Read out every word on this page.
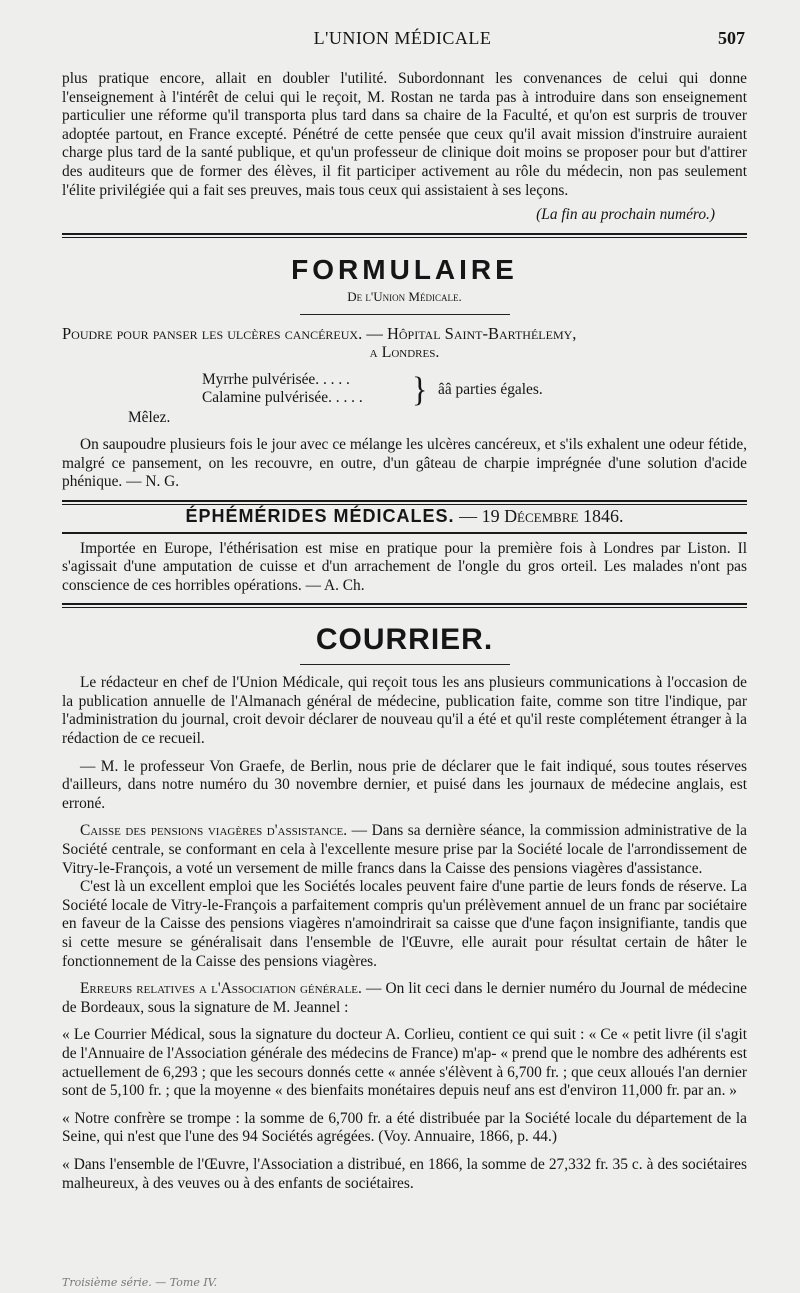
L'UNION MÉDICALE	507

plus pratique encore, allait en doubler l'utilité. Subordonnant les convenances de celui qui donne l'enseignement à l'intérêt de celui qui le reçoit, M. Rostan ne tarda pas à introduire dans son enseignement particulier une réforme qu'il transporta plus tard dans sa chaire de la Faculté, et qu'on est surpris de trouver adoptée partout, en France excepté. Pénétré de cette pensée que ceux qu'il avait mission d'instruire auraient charge plus tard de la santé publique, et qu'un professeur de clinique doit moins se proposer pour but d'attirer des auditeurs que de former des élèves, il fit participer activement au rôle du médecin, non pas seulement l'élite privilégiée qui a fait ses preuves, mais tous ceux qui assistaient à ses leçons.

(La fin au prochain numéro.)

FORMULAIRE
De l'Union Médicale.

Poudre pour panser les ulcères cancéreux. — Hôpital Saint-Barthélemy,

a Londres.

Myrrhe pulvérisée. . . . .
Calamine pulvérisée. . . . . } ââ parties égales.

Mêlez.

On saupoudre plusieurs fois le jour avec ce mélange les ulcères cancéreux, et s'ils exhalent une odeur fétide, malgré ce pansement, on les recouvre, en outre, d'un gâteau de charpie imprégnée d'une solution d'acide phénique. — N. G.

ÉPHÉMÉRIDES MÉDICALES. — 19 Décembre 1846.

Importée en Europe, l'éthérisation est mise en pratique pour la première fois à Londres par Liston. Il s'agissait d'une amputation de cuisse et d'un arrachement de l'ongle du gros orteil. Les malades n'ont pas conscience de ces horribles opérations. — A. Ch.

COURRIER.

Le rédacteur en chef de l'Union Médicale, qui reçoit tous les ans plusieurs communications à l'occasion de la publication annuelle de l'Almanach général de médecine, publication faite, comme son titre l'indique, par l'administration du journal, croit devoir déclarer de nouveau qu'il a été et qu'il reste complétement étranger à la rédaction de ce recueil.

— M. le professeur Von Graefe, de Berlin, nous prie de déclarer que le fait indiqué, sous toutes réserves d'ailleurs, dans notre numéro du 30 novembre dernier, et puisé dans les journaux de médecine anglais, est erroné.

Caisse des pensions viagères d'assistance. — Dans sa dernière séance, la commission administrative de la Société centrale, se conformant en cela à l'excellente mesure prise par la Société locale de l'arrondissement de Vitry-le-François, a voté un versement de mille francs dans la Caisse des pensions viagères d'assistance.

C'est là un excellent emploi que les Sociétés locales peuvent faire d'une partie de leurs fonds de réserve. La Société locale de Vitry-le-François a parfaitement compris qu'un prélèvement annuel de un franc par sociétaire en faveur de la Caisse des pensions viagères n'amoindrirait sa caisse que d'une façon insignifiante, tandis que si cette mesure se généralisait dans l'ensemble de l'Œuvre, elle aurait pour résultat certain de hâter le fonctionnement de la Caisse des pensions viagères.

Erreurs relatives a l'Association générale. — On lit ceci dans le dernier numéro du Journal de médecine de Bordeaux, sous la signature de M. Jeannel :

« Le Courrier Médical, sous la signature du docteur A. Corlieu, contient ce qui suit : « Ce « petit livre (il s'agit de l'Annuaire de l'Association générale des médecins de France) m'ap- « prend que le nombre des adhérents est actuellement de 6,293 ; que les secours donnés cette « année s'élèvent à 6,700 fr. ; que ceux alloués l'an dernier sont de 5,100 fr. ; que la moyenne « des bienfaits monétaires depuis neuf ans est d'environ 11,000 fr. par an. »

« Notre confrère se trompe : la somme de 6,700 fr. a été distribuée par la Société locale du département de la Seine, qui n'est que l'une des 94 Sociétés agrégées. (Voy. Annuaire, 1866, p. 44.)

« Dans l'ensemble de l'Œuvre, l'Association a distribué, en 1866, la somme de 27,332 fr. 35 c. à des sociétaires malheureux, à des veuves ou à des enfants de sociétaires.

Troisième série. — Tome IV.
